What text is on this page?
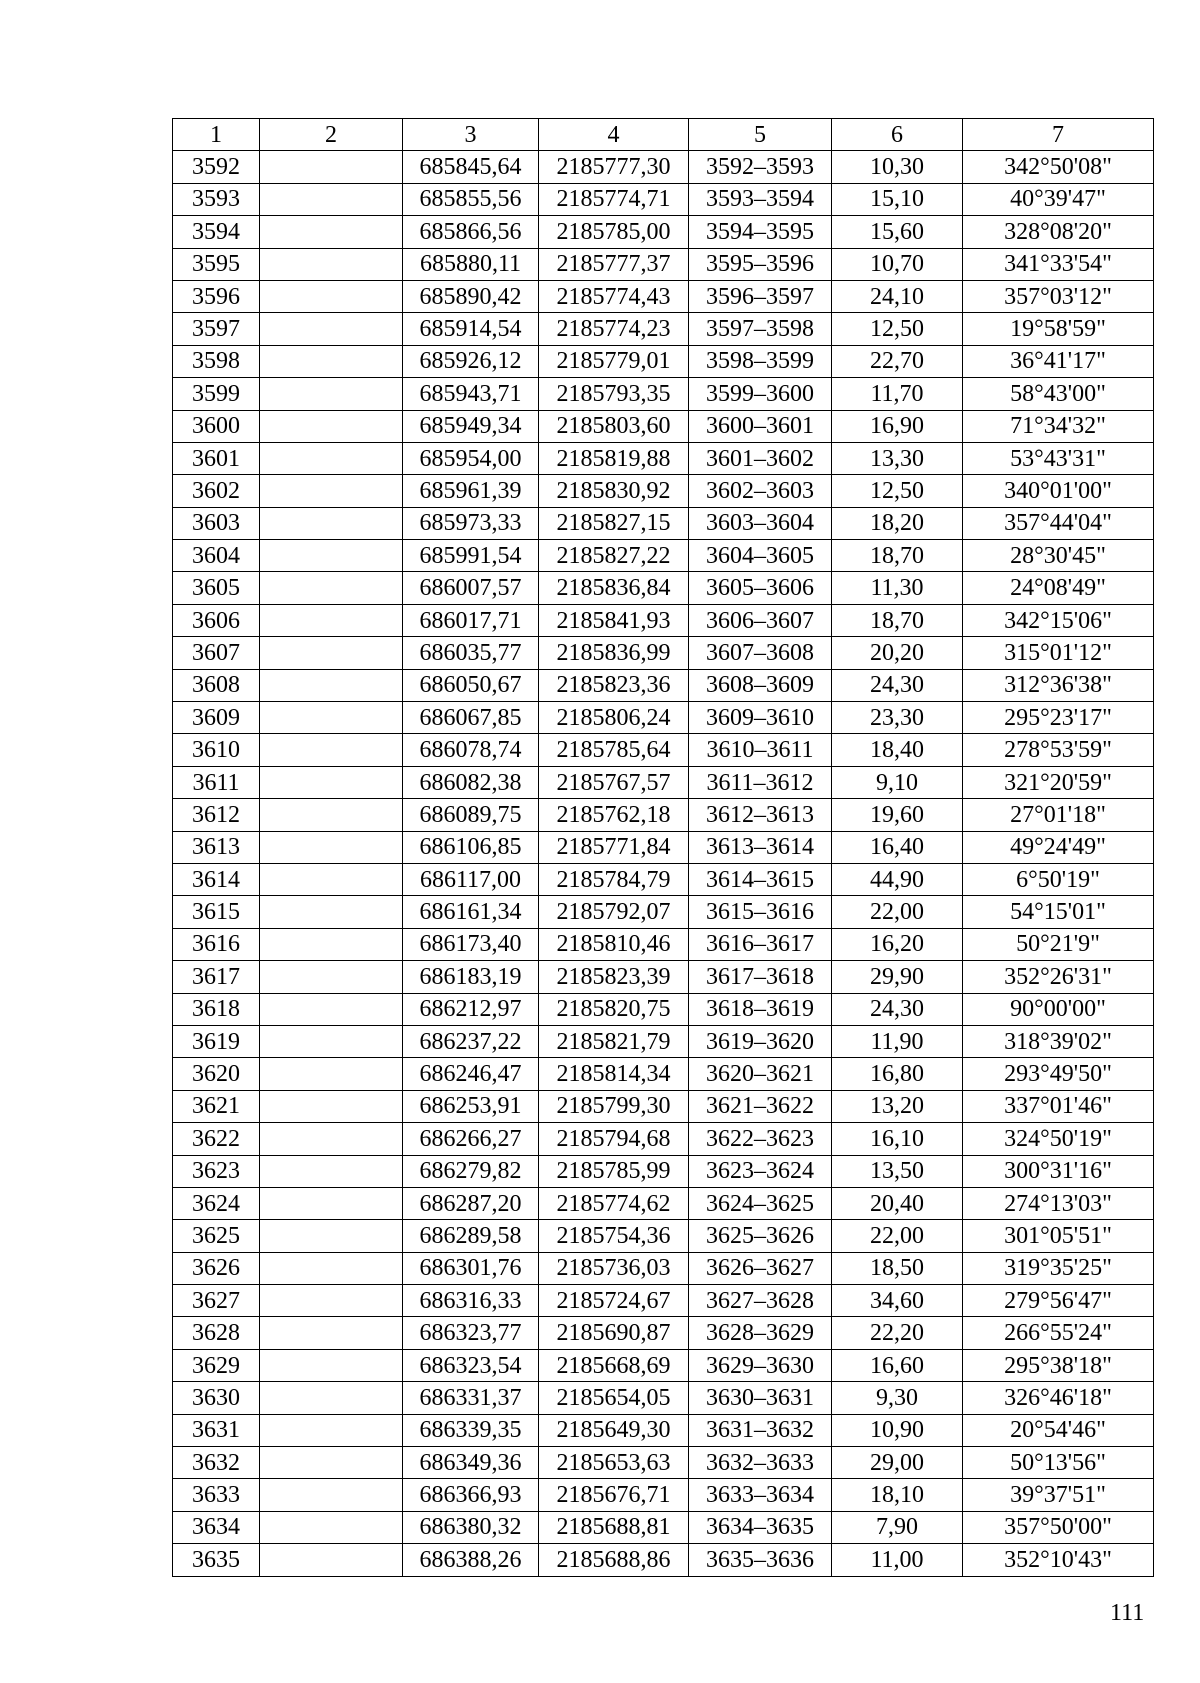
1	2	3	4	5	6	7
3592		685845,64	2185777,30	3592–3593	10,30	342°50'08"
3593		685855,56	2185774,71	3593–3594	15,10	40°39'47"
3594		685866,56	2185785,00	3594–3595	15,60	328°08'20"
3595		685880,11	2185777,37	3595–3596	10,70	341°33'54"
3596		685890,42	2185774,43	3596–3597	24,10	357°03'12"
3597		685914,54	2185774,23	3597–3598	12,50	19°58'59"
3598		685926,12	2185779,01	3598–3599	22,70	36°41'17"
3599		685943,71	2185793,35	3599–3600	11,70	58°43'00"
3600		685949,34	2185803,60	3600–3601	16,90	71°34'32"
3601		685954,00	2185819,88	3601–3602	13,30	53°43'31"
3602		685961,39	2185830,92	3602–3603	12,50	340°01'00"
3603		685973,33	2185827,15	3603–3604	18,20	357°44'04"
3604		685991,54	2185827,22	3604–3605	18,70	28°30'45"
3605		686007,57	2185836,84	3605–3606	11,30	24°08'49"
3606		686017,71	2185841,93	3606–3607	18,70	342°15'06"
3607		686035,77	2185836,99	3607–3608	20,20	315°01'12"
3608		686050,67	2185823,36	3608–3609	24,30	312°36'38"
3609		686067,85	2185806,24	3609–3610	23,30	295°23'17"
3610		686078,74	2185785,64	3610–3611	18,40	278°53'59"
3611		686082,38	2185767,57	3611–3612	9,10	321°20'59"
3612		686089,75	2185762,18	3612–3613	19,60	27°01'18"
3613		686106,85	2185771,84	3613–3614	16,40	49°24'49"
3614		686117,00	2185784,79	3614–3615	44,90	6°50'19"
3615		686161,34	2185792,07	3615–3616	22,00	54°15'01"
3616		686173,40	2185810,46	3616–3617	16,20	50°21'9"
3617		686183,19	2185823,39	3617–3618	29,90	352°26'31"
3618		686212,97	2185820,75	3618–3619	24,30	90°00'00"
3619		686237,22	2185821,79	3619–3620	11,90	318°39'02"
3620		686246,47	2185814,34	3620–3621	16,80	293°49'50"
3621		686253,91	2185799,30	3621–3622	13,20	337°01'46"
3622		686266,27	2185794,68	3622–3623	16,10	324°50'19"
3623		686279,82	2185785,99	3623–3624	13,50	300°31'16"
3624		686287,20	2185774,62	3624–3625	20,40	274°13'03"
3625		686289,58	2185754,36	3625–3626	22,00	301°05'51"
3626		686301,76	2185736,03	3626–3627	18,50	319°35'25"
3627		686316,33	2185724,67	3627–3628	34,60	279°56'47"
3628		686323,77	2185690,87	3628–3629	22,20	266°55'24"
3629		686323,54	2185668,69	3629–3630	16,60	295°38'18"
3630		686331,37	2185654,05	3630–3631	9,30	326°46'18"
3631		686339,35	2185649,30	3631–3632	10,90	20°54'46"
3632		686349,36	2185653,63	3632–3633	29,00	50°13'56"
3633		686366,93	2185676,71	3633–3634	18,10	39°37'51"
3634		686380,32	2185688,81	3634–3635	7,90	357°50'00"
3635		686388,26	2185688,86	3635–3636	11,00	352°10'43"
111
